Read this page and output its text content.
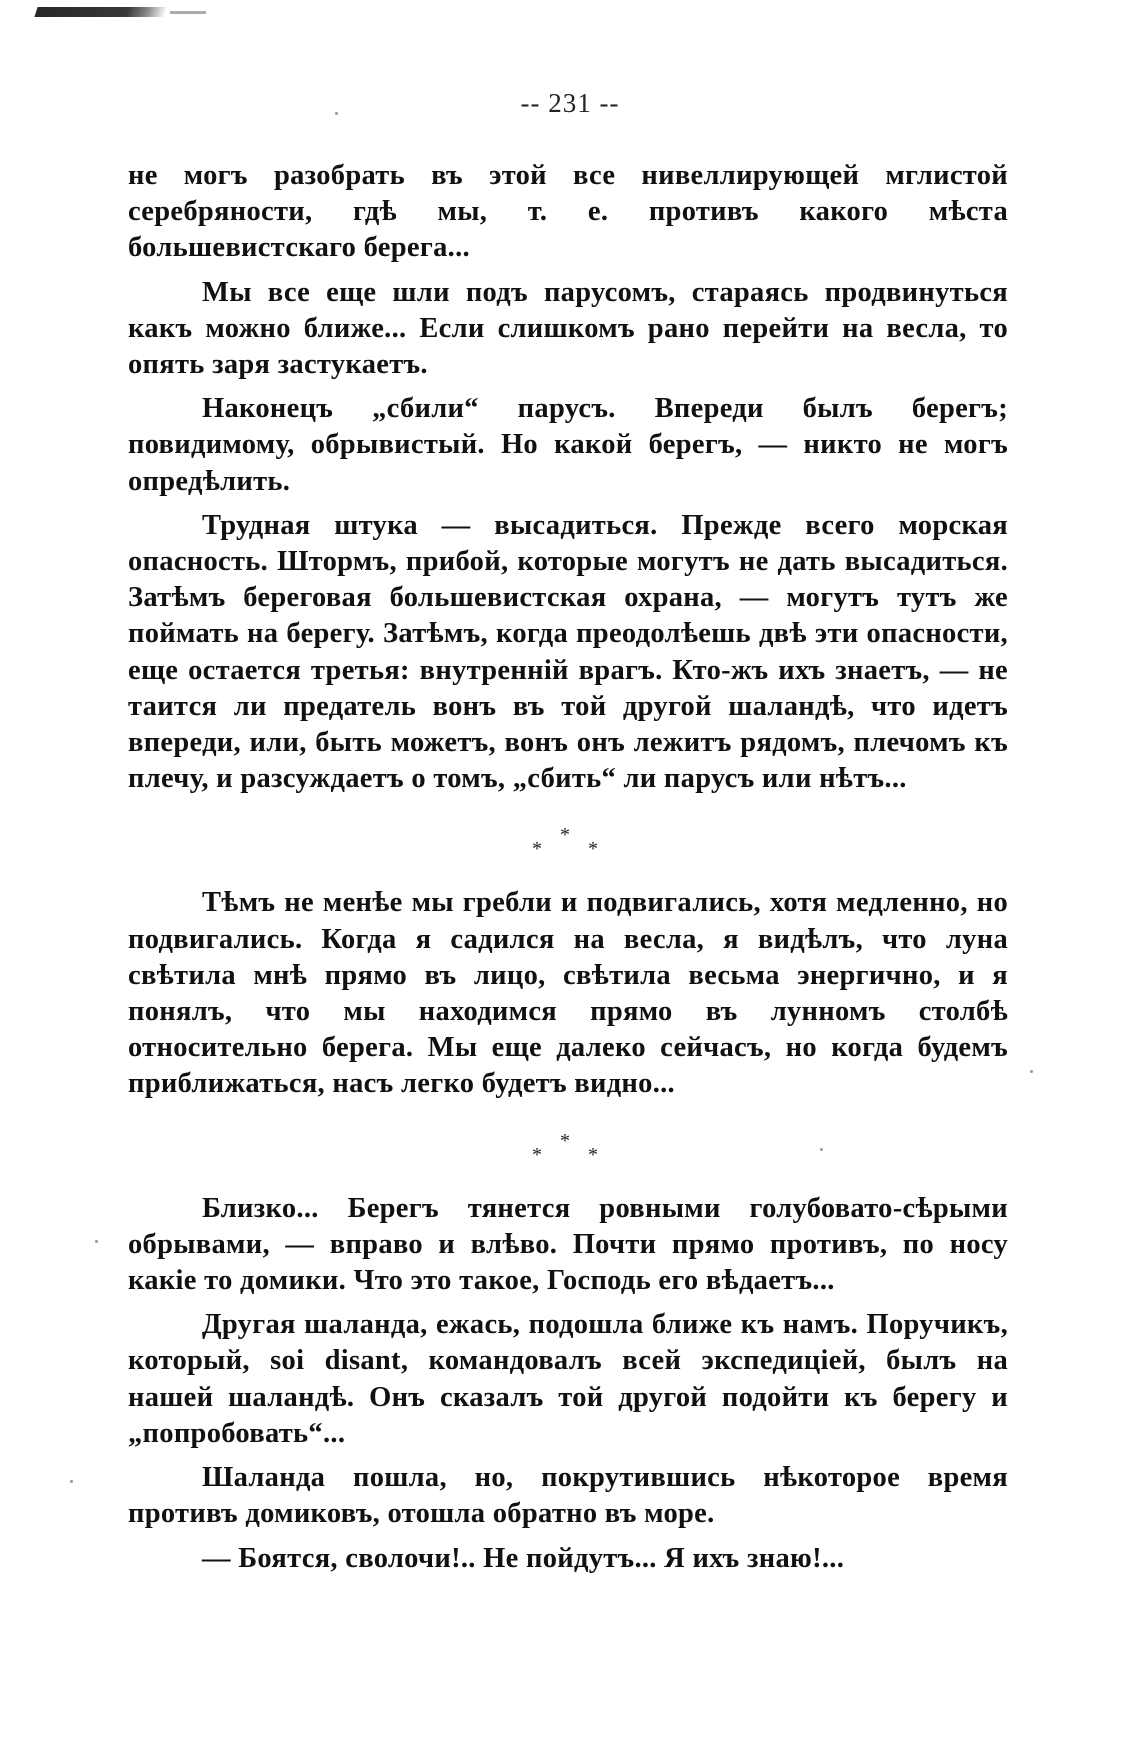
-- 231 --

не могъ разобрать въ этой все нивеллирующей мглистой серебряности, гдѣ мы, т. е. противъ какого мѣста большевистскаго берега...

Мы все еще шли подъ парусомъ, стараясь продвинуться какъ можно ближе... Если слишкомъ рано перейти на весла, то опять заря застукаетъ.

Наконецъ „сбили“ парусъ. Впереди былъ берегъ; повидимому, обрывистый. Но какой берегъ, — никто не могъ опредѣлить.

Трудная штука — высадиться. Прежде всего морская опасность. Штормъ, прибой, которые могутъ не дать высадиться. Затѣмъ береговая большевистская охрана, — могутъ тутъ же поймать на берегу. Затѣмъ, когда преодолѣешь двѣ эти опасности, еще остается третья: внутренній врагъ. Кто-жъ ихъ знаетъ, — не таится ли предатель вонъ въ той другой шаландѣ, что идетъ впереди, или, быть можетъ, вонъ онъ лежитъ рядомъ, плечомъ къ плечу, и разсуждаетъ о томъ, „сбить“ ли парусъ или нѣтъ...

*
* *

Тѣмъ не менѣе мы гребли и подвигались, хотя медленно, но подвигались. Когда я садился на весла, я видѣлъ, что луна свѣтила мнѣ прямо въ лицо, свѣтила весьма энергично, и я понялъ, что мы находимся прямо въ лунномъ столбѣ относительно берега. Мы еще далеко сейчасъ, но когда будемъ приближаться, насъ легко будетъ видно...

*
* *

Близко... Берегъ тянется ровными голубовато-сѣрыми обрывами, — вправо и влѣво. Почти прямо противъ, по носу какіе то домики. Что это такое, Господь его вѣдаетъ...

Другая шаланда, ежась, подошла ближе къ намъ. Поручикъ, который, soi disant, командовалъ всей экспедиціей, былъ на нашей шаландѣ. Онъ сказалъ той другой подойти къ берегу и „попробовать“...

Шаланда пошла, но, покрутившись нѣкоторое время противъ домиковъ, отошла обратно въ море.

— Боятся, сволочи!.. Не пойдутъ... Я ихъ знаю!...
